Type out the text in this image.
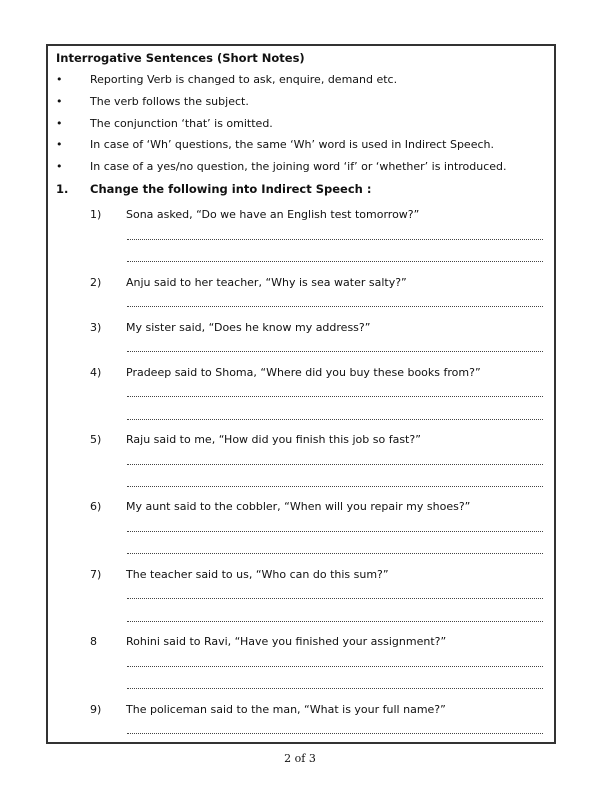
Interrogative Sentences (Short Notes)
•	Reporting Verb is changed to ask, enquire, demand etc.
•	The verb follows the subject.
•	The conjunction ‘that’ is omitted.
•	In case of ‘Wh’ questions, the same ‘Wh’ word is used in Indirect Speech.
•	In case of a yes/no question, the joining word ‘if’ or ‘whether’ is introduced.
1. Change the following into Indirect Speech :
1) Sona asked, “Do we have an English test tomorrow?”
2) Anju said to her teacher, “Why is sea water salty?”
3) My sister said, “Does he know my address?”
4) Pradeep said to Shoma, “Where did you buy these books from?”
5) Raju said to me, “How did you finish this job so fast?”
6) My aunt said to the cobbler, “When will you repair my shoes?”
7) The teacher said to us, “Who can do this sum?”
8	Rohini said to Ravi, “Have you finished your assignment?”
9) The policeman said to the man, “What is your full name?”
2 of 3
